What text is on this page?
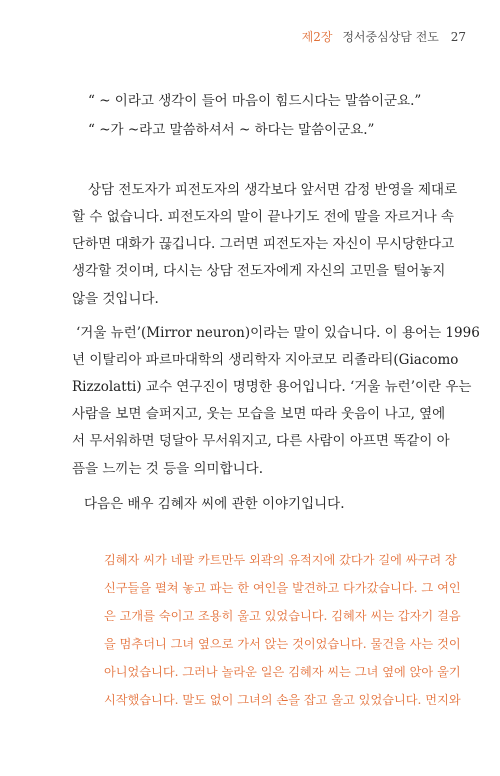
제2장 정서중심상담 전도 27
“ ~ 이라고 생각이 들어 마음이 힘드시다는 말씀이군요.”
“ ~가 ~라고 말씀하셔서 ~ 하다는 말씀이군요.”
상담 전도자가 피전도자의 생각보다 앞서면 감정 반영을 제대로
할 수 없습니다. 피전도자의 말이 끝나기도 전에 말을 자르거나 속
단하면 대화가 끊깁니다. 그러면 피전도자는 자신이 무시당한다고
생각할 것이며, 다시는 상담 전도자에게 자신의 고민을 털어놓지
않을 것입니다.
‘거울 뉴런’(Mirror neuron)이라는 말이 있습니다. 이 용어는 1996
년 이탈리아 파르마대학의 생리학자 지아코모 리졸라티(Giacomo
Rizzolatti) 교수 연구진이 명명한 용어입니다. ‘거울 뉴런’이란 우는
사람을 보면 슬퍼지고, 웃는 모습을 보면 따라 웃음이 나고, 옆에
서 무서워하면 덩달아 무서워지고, 다른 사람이 아프면 똑같이 아
픔을 느끼는 것 등을 의미합니다.
다음은 배우 김혜자 씨에 관한 이야기입니다.
김혜자 씨가 네팔 카트만두 외곽의 유적지에 갔다가 길에 싸구려 장
신구들을 펼쳐 놓고 파는 한 여인을 발견하고 다가갔습니다. 그 여인
은 고개를 숙이고 조용히 울고 있었습니다. 김혜자 씨는 갑자기 걸음
을 멈추더니 그녀 옆으로 가서 앉는 것이었습니다. 물건을 사는 것이
아니었습니다. 그러나 놀라운 일은 김혜자 씨는 그녀 옆에 앉아 울기
시작했습니다. 말도 없이 그녀의 손을 잡고 울고 있었습니다. 먼지와
